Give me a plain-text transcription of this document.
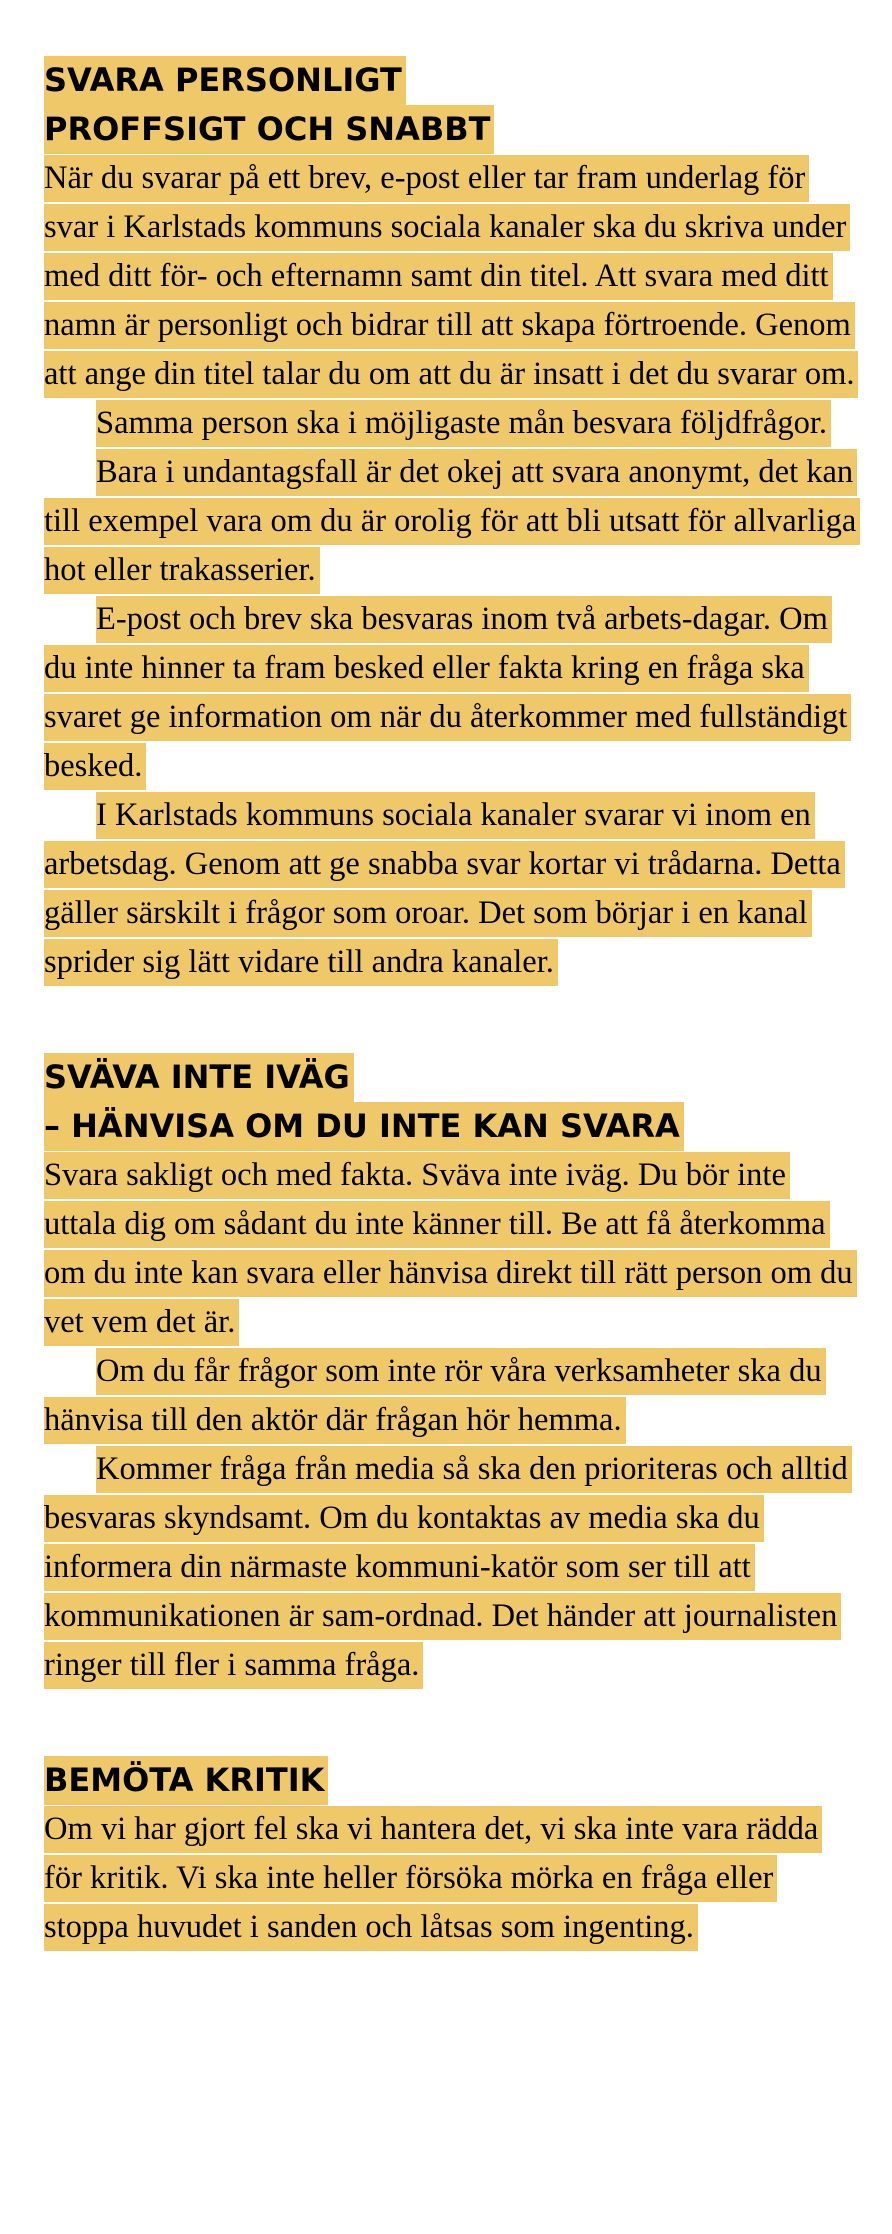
SVARA PERSONLIGT
PROFFSIGT OCH SNABBT

När du svarar på ett brev, e-post eller tar fram underlag för svar i Karlstads kommuns sociala kanaler ska du skriva under med ditt för- och efternamn samt din titel. Att svara med ditt namn är personligt och bidrar till att skapa förtroende. Genom att ange din titel talar du om att du är insatt i det du svarar om.

Samma person ska i möjligaste mån besvara följdfrågor.

Bara i undantagsfall är det okej att svara anonymt, det kan till exempel vara om du är orolig för att bli utsatt för allvarliga hot eller trakasserier.

E-post och brev ska besvaras inom två arbets-dagar. Om du inte hinner ta fram besked eller fakta kring en fråga ska svaret ge information om när du återkommer med fullständigt besked.

I Karlstads kommuns sociala kanaler svarar vi inom en arbetsdag. Genom att ge snabba svar kortar vi trådarna. Detta gäller särskilt i frågor som oroar. Det som börjar i en kanal sprider sig lätt vidare till andra kanaler.

SVÄVA INTE IVÄG
– HÄNVISA OM DU INTE KAN SVARA

Svara sakligt och med fakta. Sväva inte iväg. Du bör inte uttala dig om sådant du inte känner till. Be att få återkomma om du inte kan svara eller hänvisa direkt till rätt person om du vet vem det är.

Om du får frågor som inte rör våra verksamheter ska du hänvisa till den aktör där frågan hör hemma.

Kommer fråga från media så ska den prioriteras och alltid besvaras skyndsamt. Om du kontaktas av media ska du informera din närmaste kommuni-katör som ser till att kommunikationen är sam-ordnad. Det händer att journalisten ringer till fler i samma fråga.

BEMÖTA KRITIK

Om vi har gjort fel ska vi hantera det, vi ska inte vara rädda för kritik. Vi ska inte heller försöka mörka en fråga eller stoppa huvudet i sanden och låtsas som ingenting.
